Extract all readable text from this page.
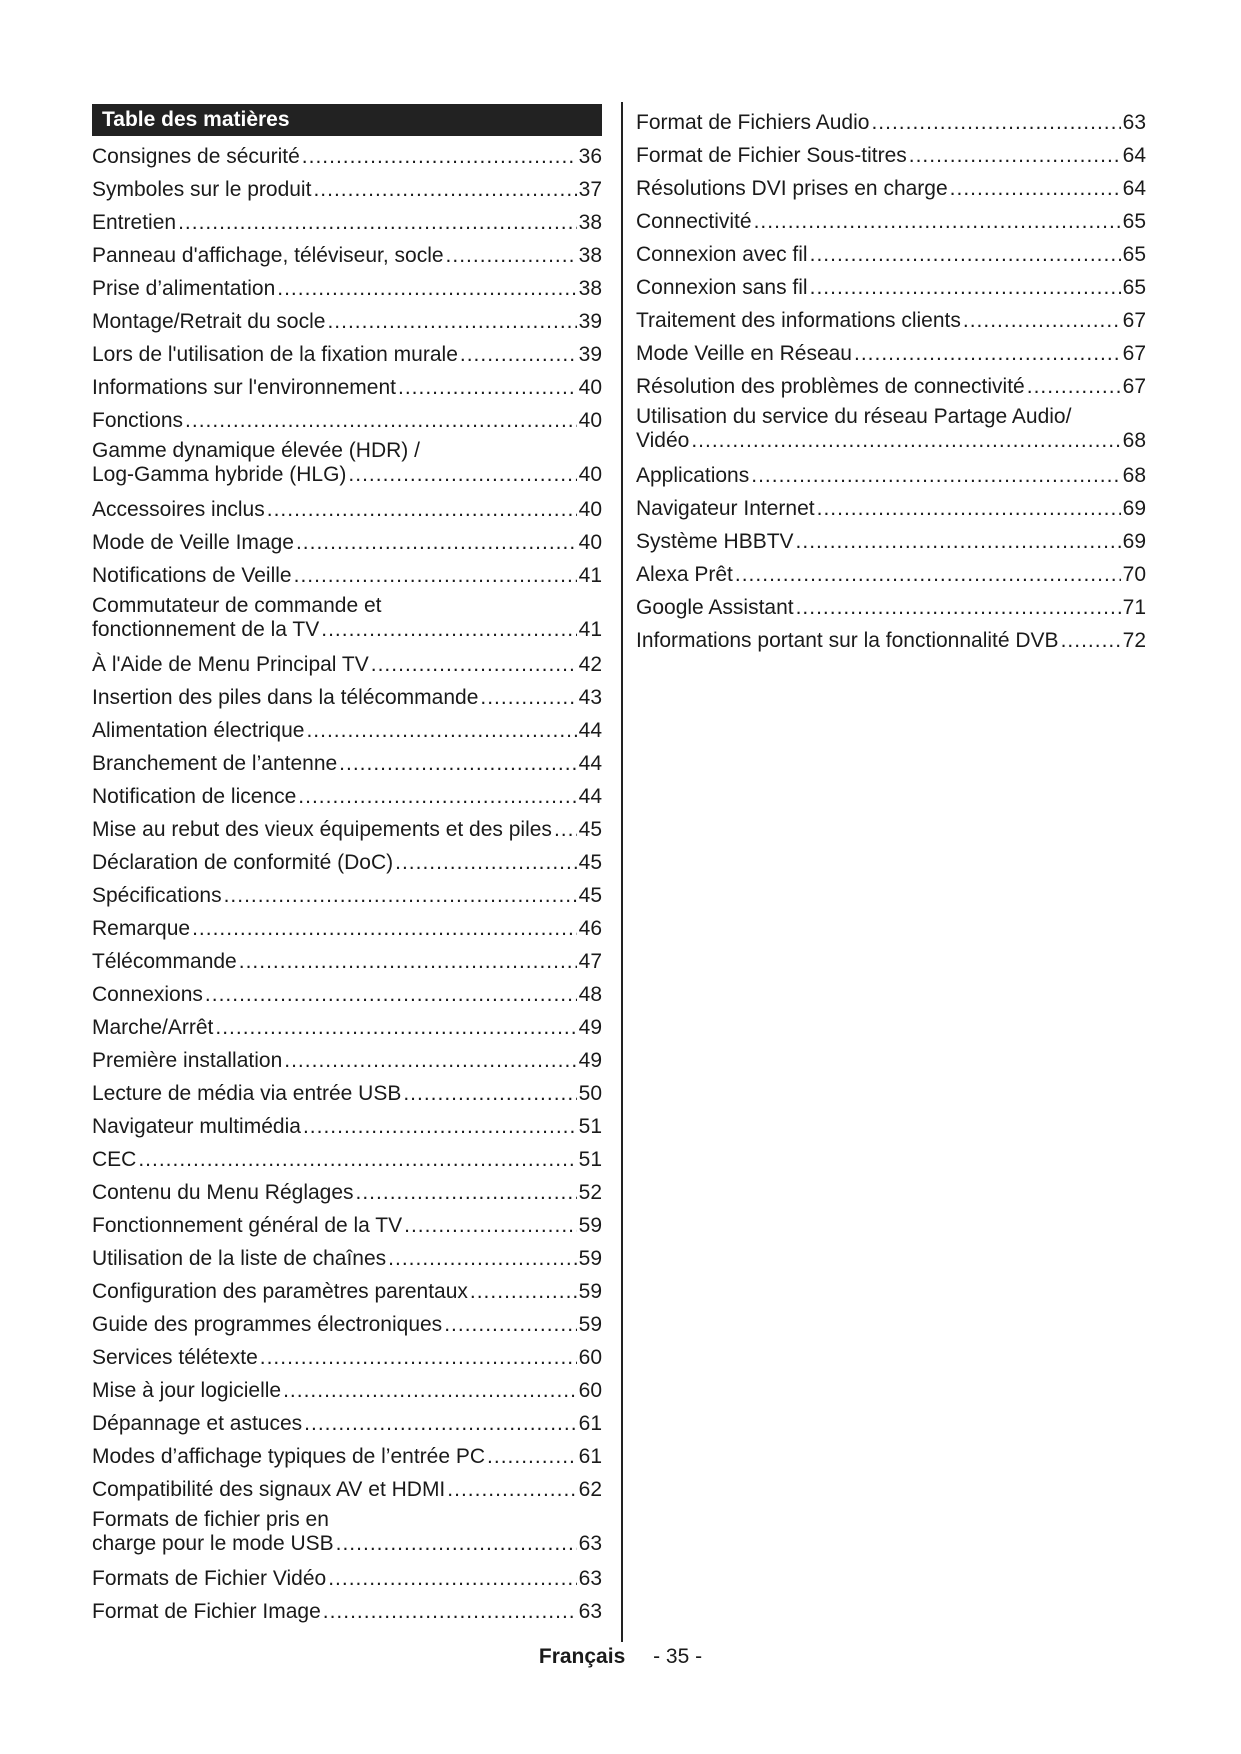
Table des matières
Consignes de sécurité .....	36
Symboles sur le produit .....	37
Entretien .....	38
Panneau d'affichage, téléviseur, socle .....	38
Prise d’alimentation .....	38
Montage/Retrait du socle .....	39
Lors de l'utilisation de la fixation murale .....	39
Informations sur l'environnement .....	40
Fonctions .....	40
Gamme dynamique élevée (HDR) /
Log-Gamma hybride (HLG) .....	40
Accessoires inclus .....	40
Mode de Veille Image .....	40
Notifications de Veille .....	41
Commutateur de commande et
fonctionnement de la TV .....	41
À l'Aide de Menu Principal TV .....	42
Insertion des piles dans la télécommande .....	43
Alimentation électrique .....	44
Branchement de l’antenne .....	44
Notification de licence .....	44
Mise au rebut des vieux équipements et des piles ..... 45
Déclaration de conformité (DoC) .....	45
Spécifications .....	45
Remarque .....	46
Télécommande .....	47
Connexions .....	48
Marche/Arrêt .....	49
Première installation .....	49
Lecture de média via entrée USB .....	50
Navigateur multimédia .....	51
CEC .....	51
Contenu du Menu Réglages .....	52
Fonctionnement général de la TV .....	59
Utilisation de la liste de chaînes .....	59
Configuration des paramètres parentaux .....	59
Guide des programmes électroniques .....	59
Services télétexte .....	60
Mise à jour logicielle .....	60
Dépannage et astuces .....	61
Modes d’affichage typiques de l’entrée PC .....	61
Compatibilité des signaux AV et HDMI .....	62
Formats de fichier pris en
charge pour le mode USB .....	63
Formats de Fichier Vidéo .....	63
Format de Fichier Image .....	63
Format de Fichiers Audio .....	63
Format de Fichier Sous-titres .....	64
Résolutions DVI prises en charge .....	64
Connectivité .....	65
Connexion avec fil .....	65
Connexion sans fil .....	65
Traitement des informations clients .....	67
Mode Veille en Réseau .....	67
Résolution des problèmes de connectivité .....	67
Utilisation du service du réseau Partage Audio/
Vidéo .....	68
Applications .....	68
Navigateur Internet .....	69
Système HBBTV .....	69
Alexa Prêt .....	70
Google Assistant .....	71
Informations portant sur la fonctionnalité DVB .....	72
Français - 35 -
